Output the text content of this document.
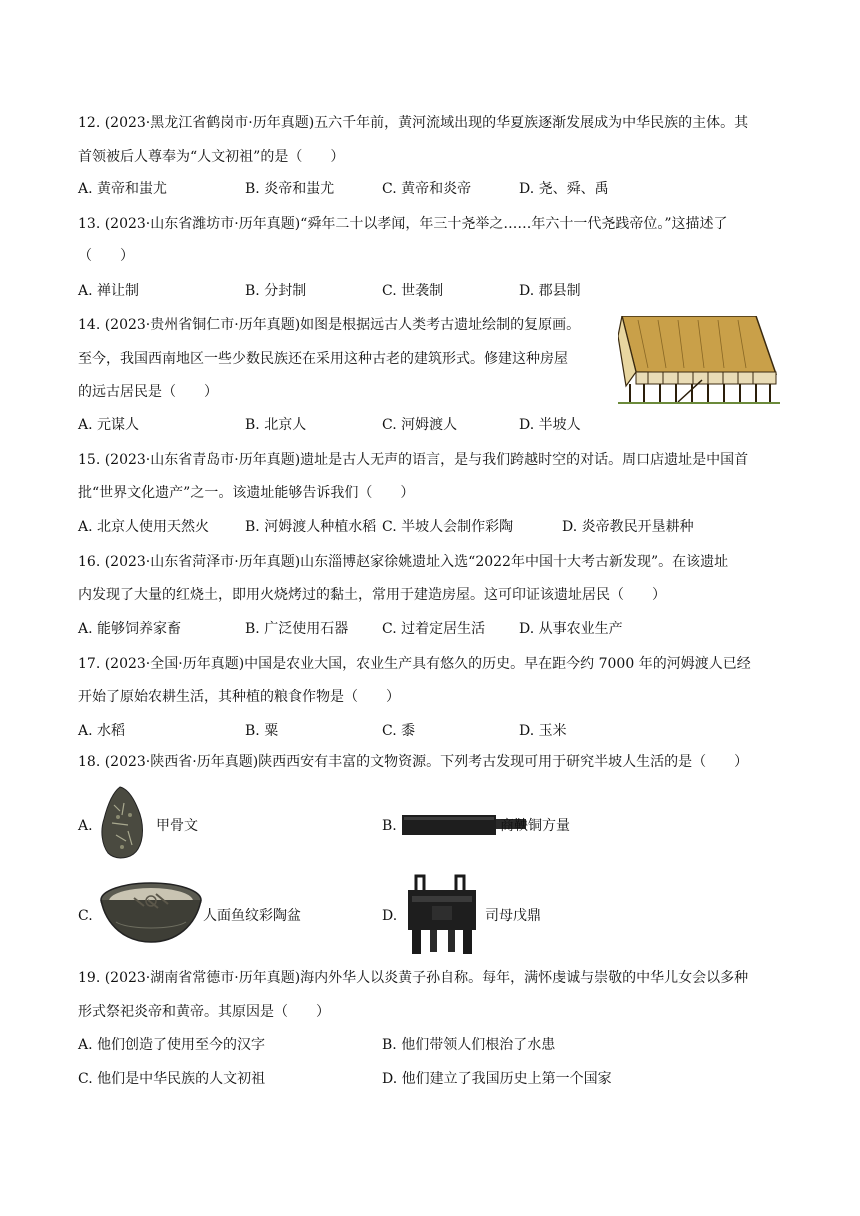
12. (2023·黑龙江省鹤岗市·历年真题)五六千年前，黄河流域出现的华夏族逐渐发展成为中华民族的主体。其
首领被后人尊奉为“人文初祖”的是（　　）
A. 黄帝和蚩尤	B. 炎帝和蚩尤	C. 黄帝和炎帝	D. 尧、舜、禹
13. (2023·山东省潍坊市·历年真题)“舜年二十以孝闻，年三十尧举之……年六十一代尧践帝位。”这描述了
（　　）
A. 禅让制	B. 分封制	C. 世袭制	D. 郡县制
14. (2023·贵州省铜仁市·历年真题)如图是根据远古人类考古遗址绘制的复原画。
至今，我国西南地区一些少数民族还在采用这种古老的建筑形式。修建这种房屋
的远古居民是（　　）
A. 元谋人	B. 北京人	C. 河姆渡人	D. 半坡人
15. (2023·山东省青岛市·历年真题)遗址是古人无声的语言，是与我们跨越时空的对话。周口店遗址是中国首
批“世界文化遗产”之一。该遗址能够告诉我们（　　）
A. 北京人使用天然火	B. 河姆渡人种植水稻 C. 半坡人会制作彩陶	D. 炎帝教民开垦耕种
16. (2023·山东省菏泽市·历年真题)山东淄博赵家徐姚遗址入选“2022年中国十大考古新发现”。在该遗址
内发现了大量的红烧土，即用火烧烤过的黏土，常用于建造房屋。这可印证该遗址居民（　　）
A. 能够饲养家畜	B. 广泛使用石器 C. 过着定居生活 D. 从事农业生产
17. (2023·全国·历年真题)中国是农业大国，农业生产具有悠久的历史。早在距今约 7000 年的河姆渡人已经
开始了原始农耕生活，其种植的粮食作物是（　　）
A. 水稻	B. 粟	C. 黍	D. 玉米
18. (2023·陕西省·历年真题)陕西西安有丰富的文物资源。下列考古发现可用于研究半坡人生活的是（　　）
A.	甲骨文	B.	商鞅铜方量
C.	人面鱼纹彩陶盆	D.	司母戊鼎
19. (2023·湖南省常德市·历年真题)海内外华人以炎黄子孙自称。每年，满怀虔诚与崇敬的中华儿女会以多种
形式祭祀炎帝和黄帝。其原因是（　　）
A. 他们创造了使用至今的汉字	B. 他们带领人们根治了水患
C. 他们是中华民族的人文初祖	D. 他们建立了我国历史上第一个国家
